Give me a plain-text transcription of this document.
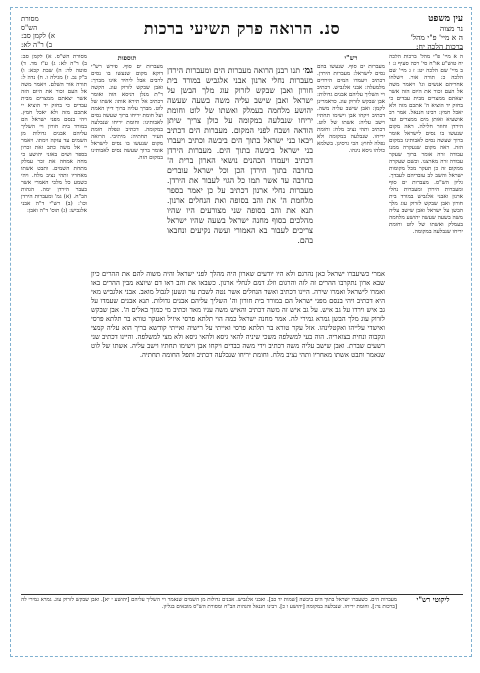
עין משפט
נר מצוה
ה א מיי' פ"י מהל'
ברכות הלכה יח:
סנ. הרואה פרק תשיעי ברכות
מסורת
הש"ס
א) לקמן סב:
ב) ר"ה לא:
ה א מיי' פ"י מהל' ברכות הלכה יח טוש"ע או"ח סי' רכה סעיף ג: ו ב מיי' שם הלכה יט: ז ג מיי' שם הלכה כ: תורה אור. וישלחו אחריהם אנשים וגו' ויאמר משה אל העם זכור את היום הזה אשר יצאתם ממצרים מבית עבדים כי בחזק יד הוציא ה' אתכם מזה ולא יאכל חמץ: רבינו חננאל. אמר רב אושעיא ואותן מים ממצרים ועד הירדן וחוזר חלילה. ראה מקום שנעשו בו נסים לישראל אומר ברוך שעשה נסים לאבותינו במקום הזה. ראה מקום שנעקרה ממנו עבודה זרה אומר ברוך שעקר עבודה זרה מארצנו. וכשם שעקרה ממקום זה כן תעקר מכל מקומות ישראל והשב לב עובדיהם לעבדך. גליון הש"ס. מעברות ים סוף ומעברות הירדן ומעברות נחלי ארנון ואבני אלגביש במורד בית חורון ואבן שבקש לזרוק עוג מלך הבשן על ישראל ואבן שישב עליה משה בשעה שעשה יהושע מלחמה בעמלק ואשתו של לוט וחומת יריחו שנבלעה במקומה.
רש"י
מעברות ים סוף. שנעשו בהם נסים לישראל: מעברות הירדן. דכתיב ויעמדו המים הירדים מלמעלה: אבני אלגביש. דכתיב ויי השליך עליהם אבנים גדולות: אבן שבקש לזרוק עוג. כדאמרינן לקמן: ואבן שישב עליה משה. דכתיב ויקחו אבן וישימו תחתיו וישב עליה: אשתו של לוט. דכתיב ותהי נציב מלח: וחומת יריחו. שנבלעה במקומה ולא נפלה לחוץ: הכי גרסינן. בשלמא כולהו ניסא נינהו.
גמ׳ תנו רבנן הרואה מעברות הים ומעברות הירדן מעברות נחלי ארנון אבני אלגביש במורד בית חורון ואבן שבקש לזרוק עוג מלך הבשן על ישראל ואבן שישב עליה משה בשעה שעשה יהושע מלחמה בעמלק ואשתו של לוט וחומת יריחו שנבלעה במקומה על כולן צריך שיתן הודאה ושבח לפני המקום. מעברות הים דכתיב ויבאו בני ישראל בתוך הים ביבשה וכתיב ויעברו בני ישראל ביבשה בתוך הים. מעברות הירדן דכתיב ויעמדו הכהנים נושאי הארון ברית ה' בחרבה בתוך הירדן הכן וכל ישראל עוברים בחרבה עד אשר תמו כל הגוי לעבור את הירדן. מעברות נחלי ארנון דכתיב על כן יאמר בספר מלחמת ה' את והב בסופה ואת הנחלים ארנון. תנא את והב בסופה שני מצורעים היו שהיו מהלכים בסוף מחנה ישראל בשעה שהיו ישראל צריכים לעבור בא האמורי ועשה נקיעים ונחבאו בהם.
תוספות
מעברות ים סוף. פירש רש"י דוקא מקום שנעשו בו נסים לרבים אבל ליחיד אינו מברך: ואבן שבקש לזרוק עוג. הקשה ר"ת מנלן דניסא הוה ואומר דכתיב אל תירא אותו: אשתו של לוט. מברך עליה ברוך דיין האמת ועל חומת יריחו ברוך שעשה נסים לאבותינו: וחומת יריחו שנבלעה במקומה. דכתיב ונפלה חומת העיר תחתיה: מיתיבי. הרואה מקום שנעשו בו נסים לישראל אומר ברוך שעשה נסים לאבותינו במקום הזה.
אמרי כשיעברו ישראל כאן נהרגם ולא היו יודעים שארון היה מהלך לפני ישראל והיה משוה להם את ההרים כיון שבא ארון נתקרבו ההרים זה לזה והרגום וזלג דמם לנחלי ארנון. כשבאו את והב ראו דם שיוצא מבין ההרים באו ואמרו לישראל ואמרו שירה. היינו דכתיב ואשד הנחלים אשר נטה לשבת ער ונשען לגבול מואב. אבני אלגביש מאי היא דכתיב ויהי בנסם מפני ישראל הם במורד בית חורון וה' השליך עליהם אבנים גדולות. תנא אבנים שעמדו על גב איש וירדו על גב איש. על גב איש זה משה דכתיב והאיש משה עניו מאד וכתיב מי כמוך באלים ה'. אבן שבקש לזרוק עוג מלך הבשן גמרא גמירי לה. אמר מחנה ישראל כמה הוי תלתא פרסי איזיל ואעקר טורא בר תלתא פרסי ואישדי עלייהו ואקטלינהו. אזל עקר טורא בר תלתא פרסי ואייתי על רישיה ואייתי קודשא בריך הוא עליה קמצי ונקבוה ונחית בצואריה. הוה בעי למשלפה משכי שיניה להאי גיסא ולהאי גיסא ולא מצי למשלפה. והיינו דכתיב שני רשעים שברת. ואבן שישב עליה משה דכתיב וידי משה כבדים ויקחו אבן וישימו תחתיו וישב עליה. אשתו של לוט שנאמר ותבט אשתו מאחריו ותהי נציב מלח. וחומת יריחו שנבלעה דכתיב ותפל החומה תחתיה.
מסורת הש"ס. א) לקמן סב: ב) ר"ה לא: ג) ע"ז מד. ד) סוטה לד: ה) שבת קכא: ו) ב"ק נב. ז) מגילה ו. ח) נדה ל: תורה אור השלם. ויאמר משה אל העם זכור את היום הזה אשר יצאתם ממצרים מבית עבדים כי בחזק יד הוציא יי אתכם מזה ולא יאכל חמץ. ויהי בנסם מפני ישראל הם במורד בית חורון ויי השליך עליהם אבנים גדולות מן השמים עד עזקה וימתו. ויאמר יי אל משה כתב זאת זכרון בספר ושים באזני יהושע כי מחה אמחה את זכר עמלק מתחת השמים. ותבט אשתו מאחריו ותהי נציב מלח. ויהי כשמע כל מלכי האמרי אשר בעבר הירדן ימה. הגהות הב"ח. (א) גמ' ומעברות הירדן וכו': (ב) רש"י ד"ה אבני אלגביש: (ג) תוס' ד"ה ואבן:
ליקוטי רש"י
מעברות הים. כשעברו ישראל בתוך הים ביבשה [שמות יד כב]. ואבני אלגביש. אבנים גדולות מן השמים שנאמר ויי השליך עליהם [יהושע י יא]. ואבן שבקש לזרוק עוג. גמרא גמירי לה [ברכות נד:]. וחומת יריחו. שנבלעה במקומה [יהושע ו כ]. רבינו חננאל והגהות הב"ח ומסורת הש"ס מובאים בגליון.
